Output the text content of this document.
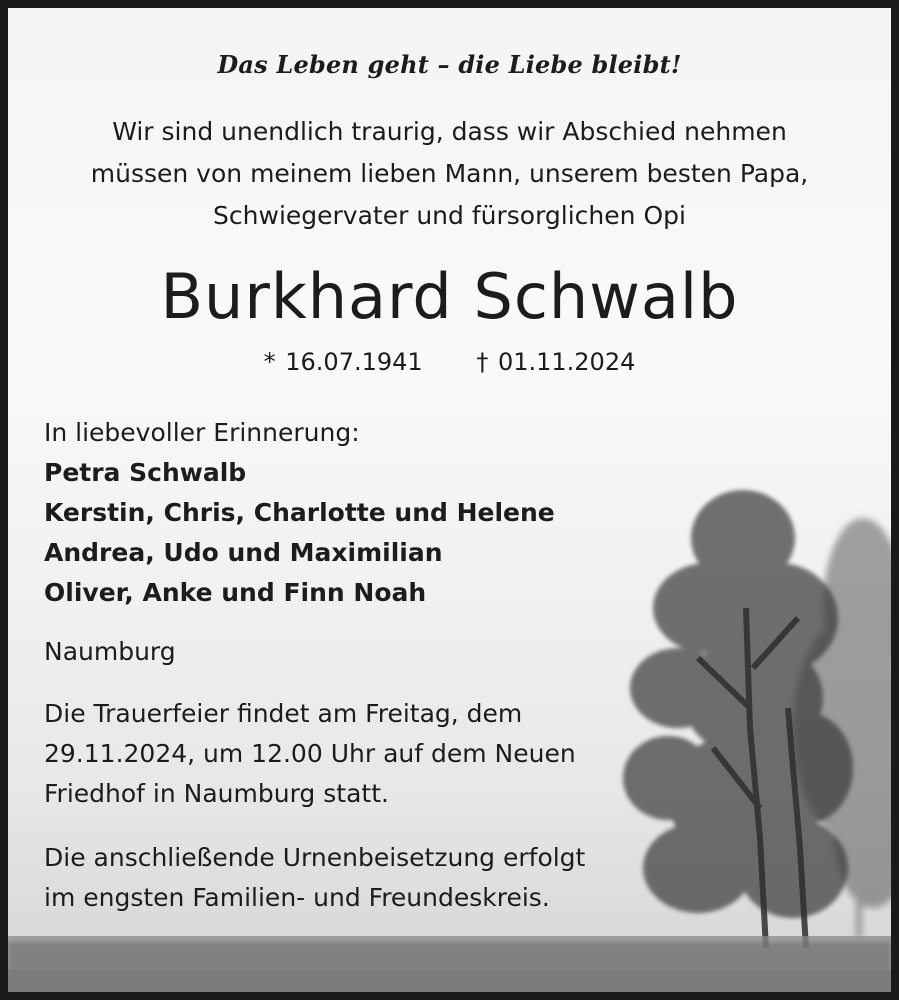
Das Leben geht – die Liebe bleibt!
Wir sind unendlich traurig, dass wir Abschied nehmen
müssen von meinem lieben Mann, unserem besten Papa,
Schwiegervater und fürsorglichen Opi
Burkhard Schwalb
* 16.07.1941 † 01.11.2024
In liebevoller Erinnerung:
Petra Schwalb
Kerstin, Chris, Charlotte und Helene
Andrea, Udo und Maximilian
Oliver, Anke und Finn Noah
Naumburg
Die Trauerfeier findet am Freitag, dem
29.11.2024, um 12.00 Uhr auf dem Neuen
Friedhof in Naumburg statt.
Die anschließende Urnenbeisetzung erfolgt
im engsten Familien- und Freundeskreis.
